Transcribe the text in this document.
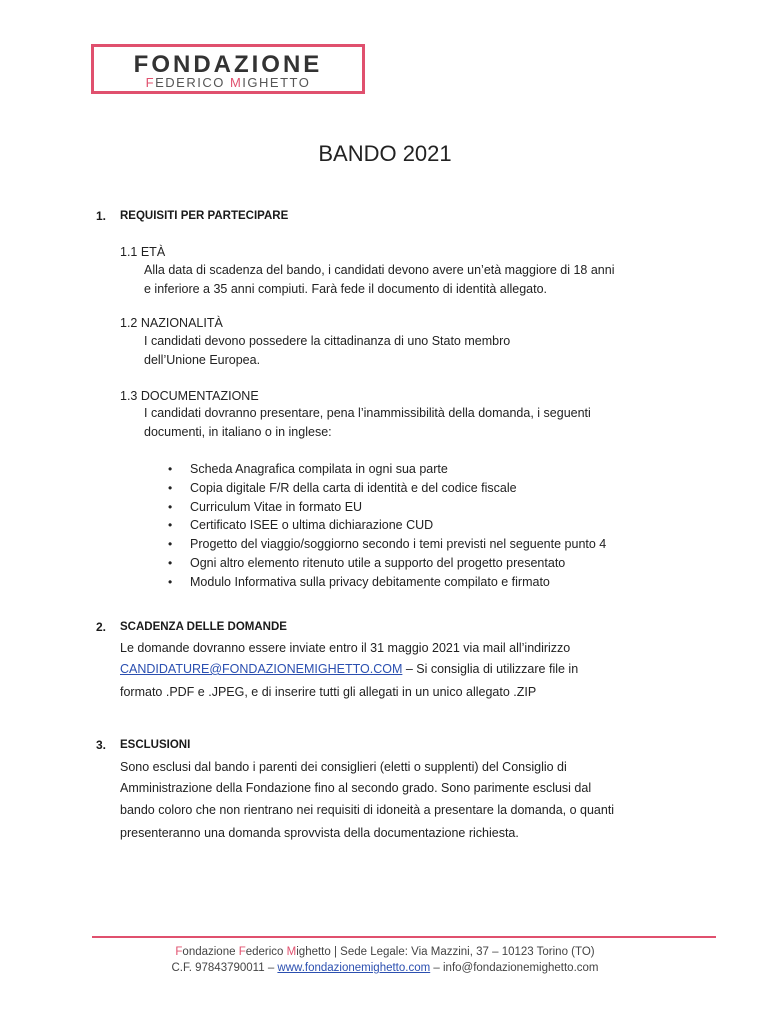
FONDAZIONE
FEDERICO MIGHETTO
BANDO 2021
1. REQUISITI PER PARTECIPARE
1.1 ETÀ
Alla data di scadenza del bando, i candidati devono avere un’età maggiore di 18 anni
e inferiore a 35 anni compiuti. Farà fede il documento di identità allegato.
1.2 NAZIONALITÀ
I candidati devono possedere la cittadinanza di uno Stato membro
dell’Unione Europea.
1.3 DOCUMENTAZIONE
I candidati dovranno presentare, pena l’inammissibilità della domanda, i seguenti
documenti, in italiano o in inglese:
• Scheda Anagrafica compilata in ogni sua parte
• Copia digitale F/R della carta di identità e del codice fiscale
• Curriculum Vitae in formato EU
• Certificato ISEE o ultima dichiarazione CUD
• Progetto del viaggio/soggiorno secondo i temi previsti nel seguente punto 4
• Ogni altro elemento ritenuto utile a supporto del progetto presentato
• Modulo Informativa sulla privacy debitamente compilato e firmato
2. SCADENZA DELLE DOMANDE
Le domande dovranno essere inviate entro il 31 maggio 2021 via mail all’indirizzo
CANDIDATURE@FONDAZIONEMIGHETTO.COM – Si consiglia di utilizzare file in
formato .PDF e .JPEG, e di inserire tutti gli allegati in un unico allegato .ZIP
3. ESCLUSIONI
Sono esclusi dal bando i parenti dei consiglieri (eletti o supplenti) del Consiglio di
Amministrazione della Fondazione fino al secondo grado. Sono parimente esclusi dal
bando coloro che non rientrano nei requisiti di idoneità a presentare la domanda, o quanti
presenteranno una domanda sprovvista della documentazione richiesta.
Fondazione Federico Mighetto | Sede Legale: Via Mazzini, 37 – 10123 Torino (TO)
C.F. 97843790011 – www.fondazionemighetto.com – info@fondazionemighetto.com
